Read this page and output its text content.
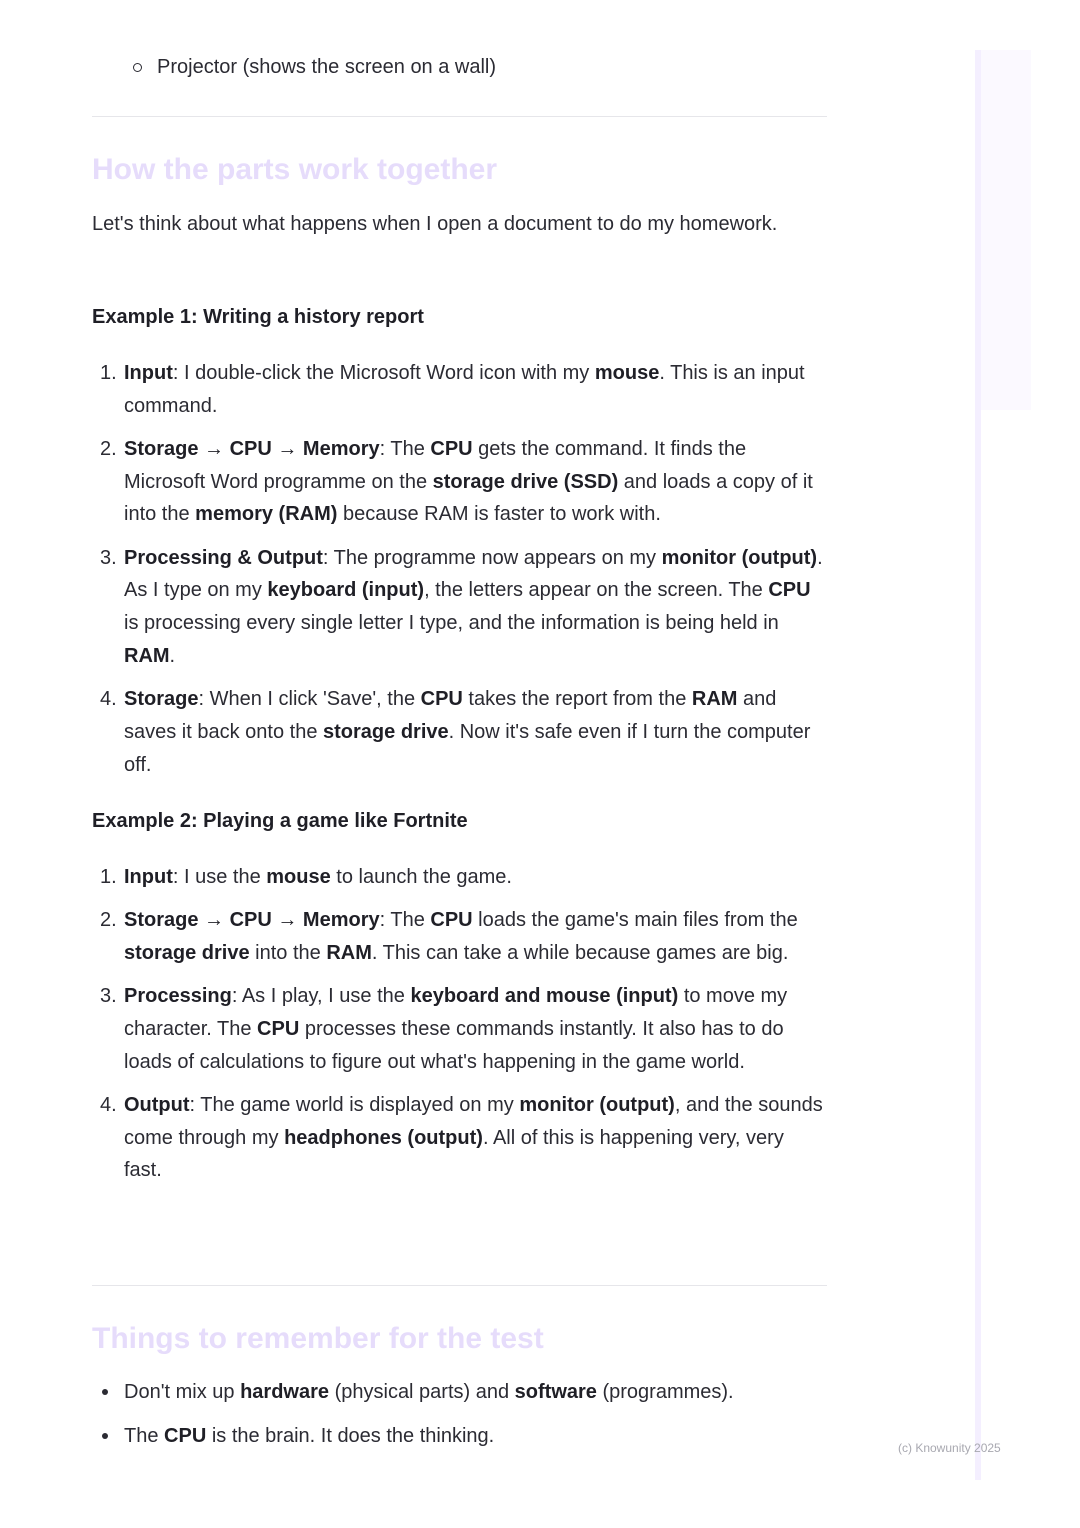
Projector (shows the screen on a wall)
How the parts work together

Let's think about what happens when I open a document to do my homework.

Example 1: Writing a history report
1. Input: I double-click the Microsoft Word icon with my mouse. This is an input command.
2. Storage → CPU → Memory: The CPU gets the command. It finds the Microsoft Word programme on the storage drive (SSD) and loads a copy of it into the memory (RAM) because RAM is faster to work with.
3. Processing & Output: The programme now appears on my monitor (output). As I type on my keyboard (input), the letters appear on the screen. The CPU is processing every single letter I type, and the information is being held in RAM.
4. Storage: When I click 'Save', the CPU takes the report from the RAM and saves it back onto the storage drive. Now it's safe even if I turn the computer off.
Example 2: Playing a game like Fortnite
1. Input: I use the mouse to launch the game.
2. Storage → CPU → Memory: The CPU loads the game's main files from the storage drive into the RAM. This can take a while because games are big.
3. Processing: As I play, I use the keyboard and mouse (input) to move my character. The CPU processes these commands instantly. It also has to do loads of calculations to figure out what's happening in the game world.
4. Output: The game world is displayed on my monitor (output), and the sounds come through my headphones (output). All of this is happening very, very fast.
Things to remember for the test
Don't mix up hardware (physical parts) and software (programmes).
The CPU is the brain. It does the thinking.
(c) Knowunity 2025
